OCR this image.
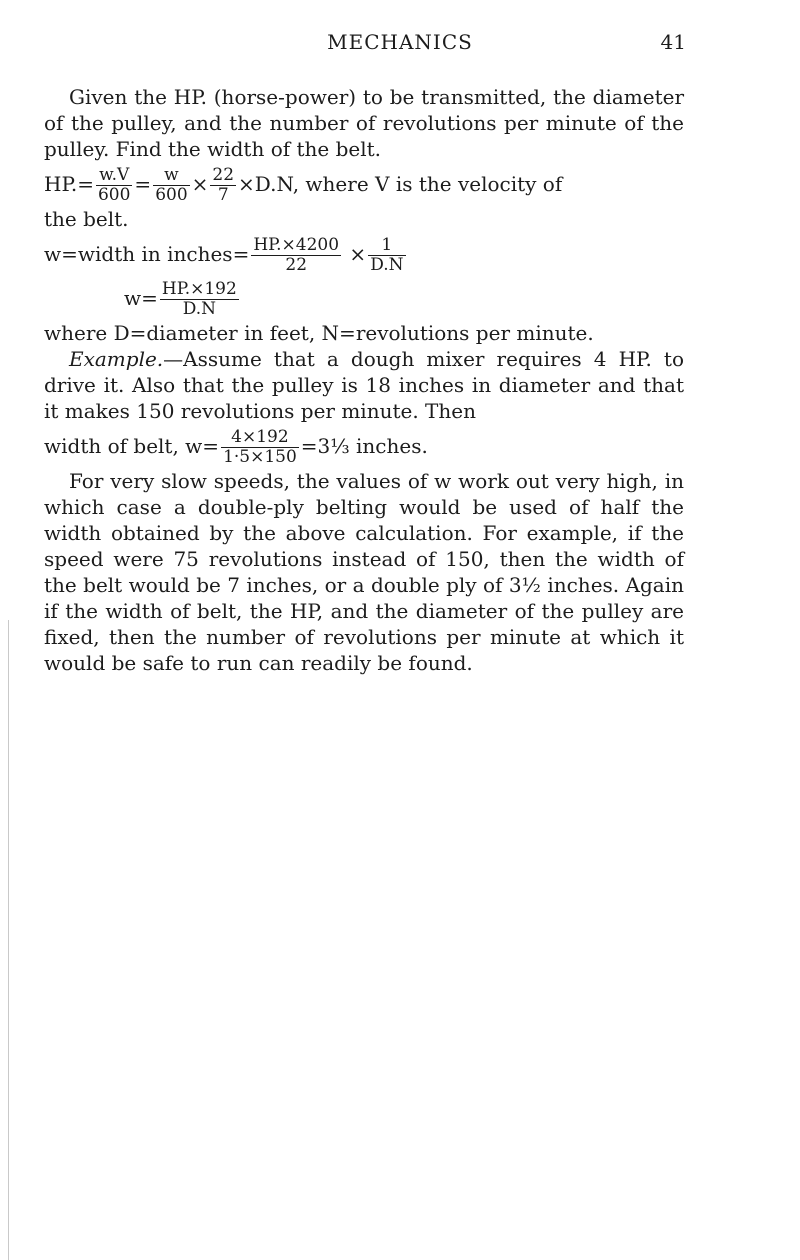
MECHANICS	41

Given the HP. (horse-power) to be transmitted, the diameter of the pulley, and the number of revolutions per minute of the pulley. Find the width of the belt.

$HP.= \frac{w.V}{600} = \frac{w}{600} \times \frac{22}{7} \times D.N$, where V is the velocity of

the belt.

w=width in inches= $\frac{HP.\times 4200}{22} \times \frac{1}{D.N}$
$w= \frac{HP.\times 192}{D.N}$

where D=diameter in feet, N=revolutions per minute.

Example.—Assume that a dough mixer requires 4 HP. to drive it. Also that the pulley is 18 inches in diameter and that it makes 150 revolutions per minute. Then

width of belt, $w= \frac{4\times 192}{1\cdot 5\times 150}$ =3⅓ inches.

For very slow speeds, the values of w work out very high, in which case a double-ply belting would be used of half the width obtained by the above calculation. For example, if the speed were 75 revolutions instead of 150, then the width of the belt would be 7 inches, or a double ply of 3½ inches. Again if the width of belt, the HP, and the diameter of the pulley are fixed, then the number of revolutions per minute at which it would be safe to run can readily be found.
